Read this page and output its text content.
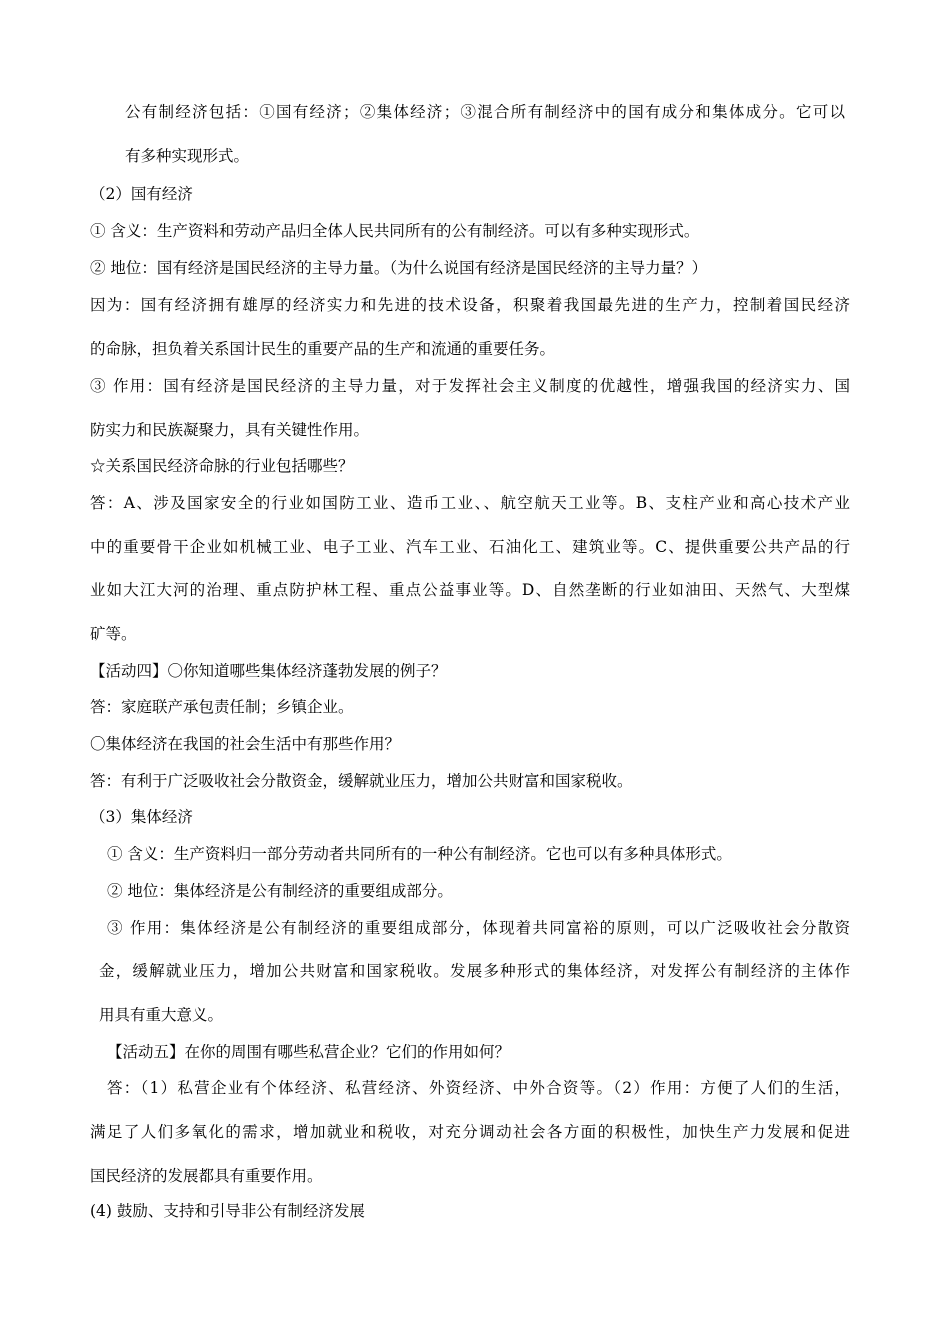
公有制经济包括：①国有经济；②集体经济；③混合所有制经济中的国有成分和集体成分。它可以
有多种实现形式。
（2）国有经济
① 含义：生产资料和劳动产品归全体人民共同所有的公有制经济。可以有多种实现形式。
② 地位：国有经济是国民经济的主导力量。（为什么说国有经济是国民经济的主导力量？）
因为：国有经济拥有雄厚的经济实力和先进的技术设备，积聚着我国最先进的生产力，控制着国民经济
的命脉，担负着关系国计民生的重要产品的生产和流通的重要任务。
③ 作用：国有经济是国民经济的主导力量，对于发挥社会主义制度的优越性，增强我国的经济实力、国
防实力和民族凝聚力，具有关键性作用。
☆关系国民经济命脉的行业包括哪些？
答：A、涉及国家安全的行业如国防工业、造币工业、、航空航天工业等。B、支柱产业和高心技术产业
中的重要骨干企业如机械工业、电子工业、汽车工业、石油化工、建筑业等。C、提供重要公共产品的行
业如大江大河的治理、重点防护林工程、重点公益事业等。D、自然垄断的行业如油田、天然气、大型煤
矿等。
【活动四】〇你知道哪些集体经济蓬勃发展的例子？
答：家庭联产承包责任制；乡镇企业。
〇集体经济在我国的社会生活中有那些作用？
答：有利于广泛吸收社会分散资金，缓解就业压力，增加公共财富和国家税收。
（3）集体经济
① 含义：生产资料归一部分劳动者共同所有的一种公有制经济。它也可以有多种具体形式。
② 地位：集体经济是公有制经济的重要组成部分。
③ 作用：集体经济是公有制经济的重要组成部分，体现着共同富裕的原则，可以广泛吸收社会分散资
金，缓解就业压力，增加公共财富和国家税收。发展多种形式的集体经济，对发挥公有制经济的主体作
用具有重大意义。
【活动五】在你的周围有哪些私营企业？它们的作用如何？
答：（1）私营企业有个体经济、私营经济、外资经济、中外合资等。（2）作用：方便了人们的生活，
满足了人们多氧化的需求，增加就业和税收，对充分调动社会各方面的积极性，加快生产力发展和促进
国民经济的发展都具有重要作用。
(4) 鼓励、支持和引导非公有制经济发展
